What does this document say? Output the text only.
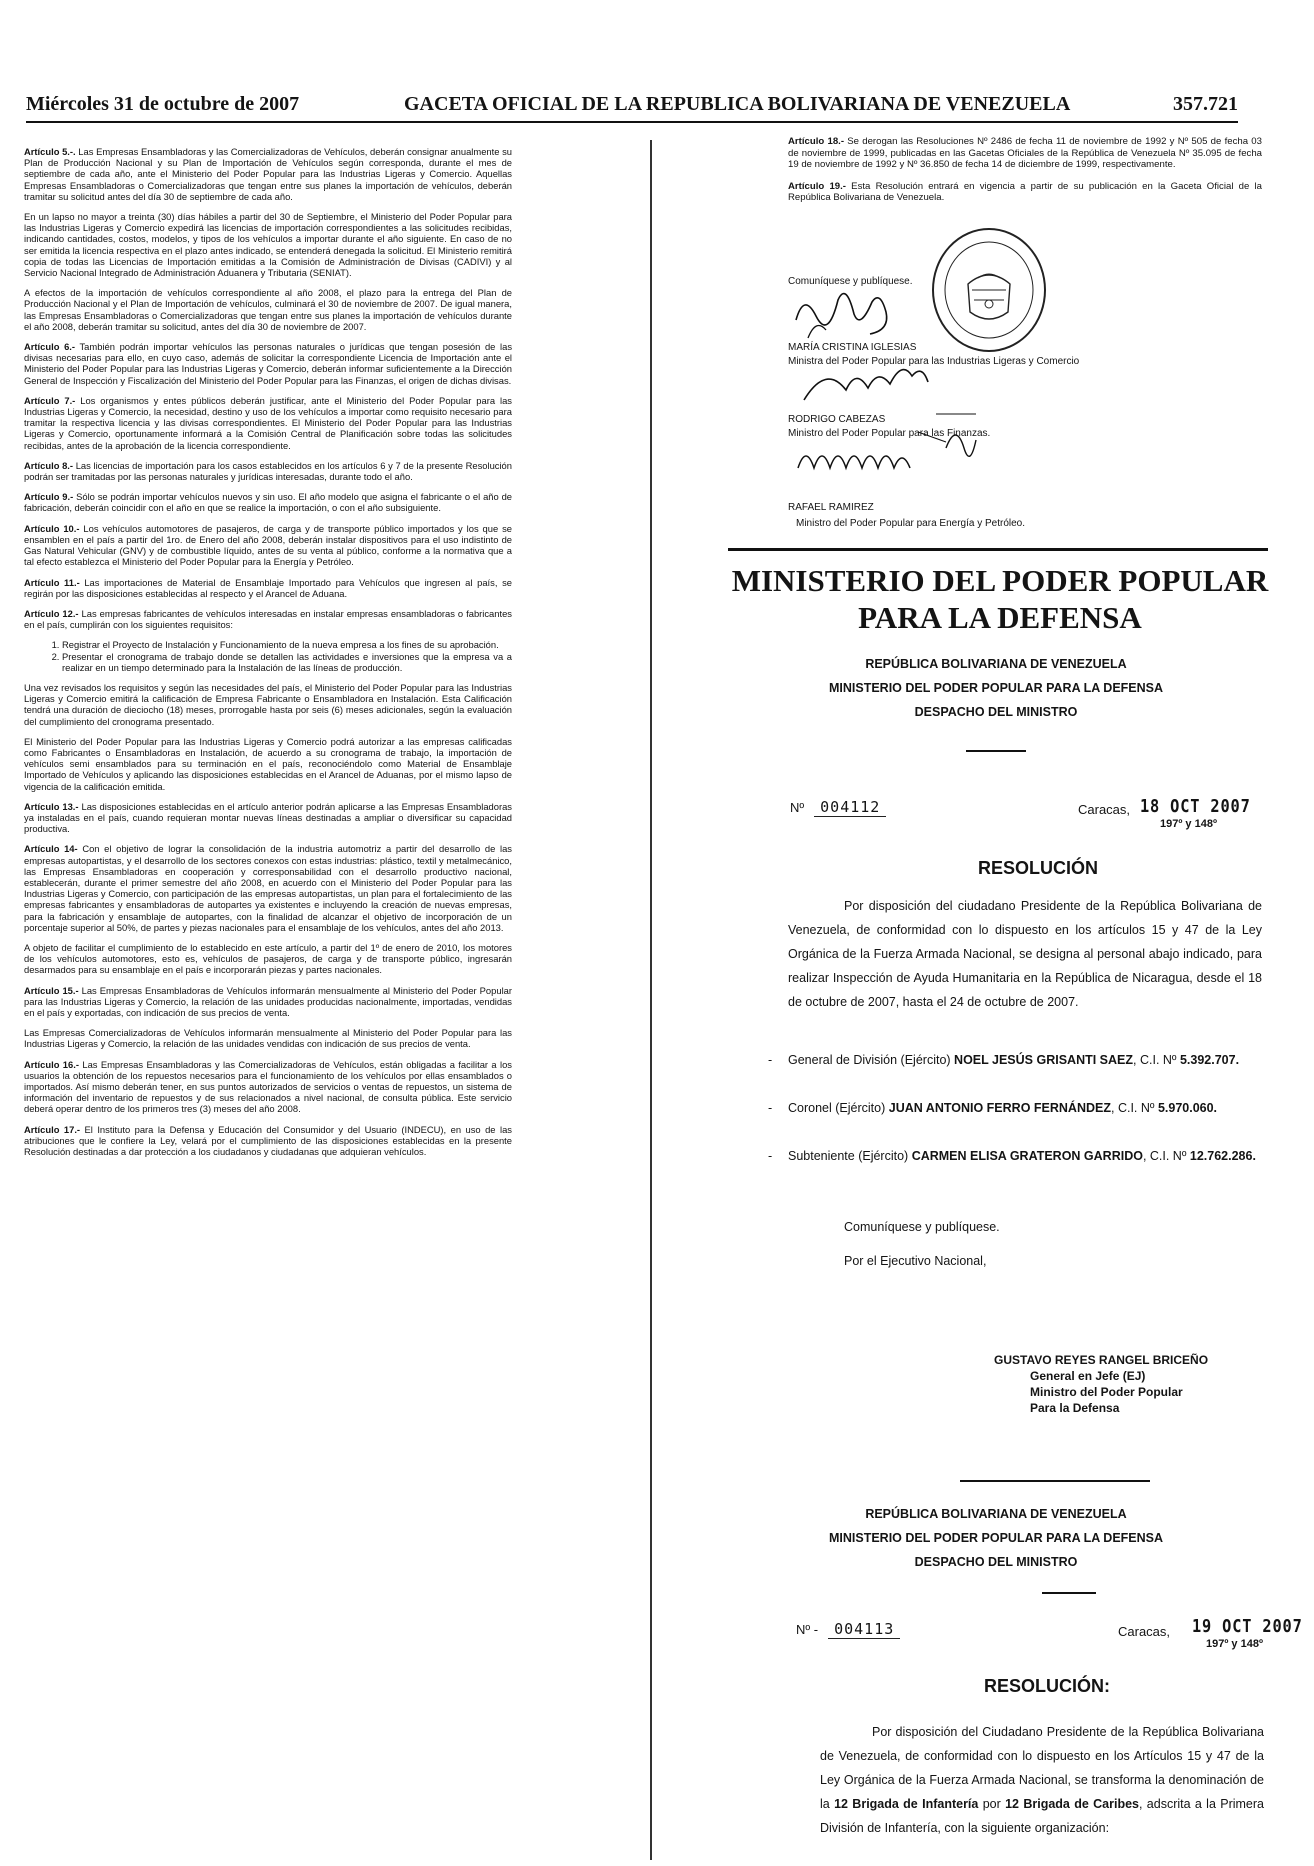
Miércoles 31 de octubre de 2007	GACETA OFICIAL DE LA REPUBLICA BOLIVARIANA DE VENEZUELA	357.721

Artículo 5.-. Las Empresas Ensambladoras y las Comercializadoras de Vehículos, deberán consignar anualmente su Plan de Producción Nacional y su Plan de Importación de Vehículos según corresponda, durante el mes de septiembre de cada año, ante el Ministerio del Poder Popular para las Industrias Ligeras y Comercio. Aquellas Empresas Ensambladoras o Comercializadoras que tengan entre sus planes la importación de vehículos, deberán tramitar su solicitud antes del día 30 de septiembre de cada año.

En un lapso no mayor a treinta (30) días hábiles a partir del 30 de Septiembre, el Ministerio del Poder Popular para las Industrias Ligeras y Comercio expedirá las licencias de importación correspondientes a las solicitudes recibidas, indicando cantidades, costos, modelos, y tipos de los vehículos a importar durante el año siguiente. En caso de no ser emitida la licencia respectiva en el plazo antes indicado, se entenderá denegada la solicitud. El Ministerio remitirá copia de todas las Licencias de Importación emitidas a la Comisión de Administración de Divisas (CADIVI) y al Servicio Nacional Integrado de Administración Aduanera y Tributaria (SENIAT).

A efectos de la importación de vehículos correspondiente al año 2008, el plazo para la entrega del Plan de Producción Nacional y el Plan de Importación de vehículos, culminará el 30 de noviembre de 2007. De igual manera, las Empresas Ensambladoras o Comercializadoras que tengan entre sus planes la importación de vehículos durante el año 2008, deberán tramitar su solicitud, antes del día 30 de noviembre de 2007.

Artículo 6.- También podrán importar vehículos las personas naturales o jurídicas que tengan posesión de las divisas necesarias para ello, en cuyo caso, además de solicitar la correspondiente Licencia de Importación ante el Ministerio del Poder Popular para las Industrias Ligeras y Comercio, deberán informar suficientemente a la Dirección General de Inspección y Fiscalización del Ministerio del Poder Popular para las Finanzas, el origen de dichas divisas.

Artículo 7.- Los organismos y entes públicos deberán justificar, ante el Ministerio del Poder Popular para las Industrias Ligeras y Comercio, la necesidad, destino y uso de los vehículos a importar como requisito necesario para tramitar la respectiva licencia y las divisas correspondientes. El Ministerio del Poder Popular para las Industrias Ligeras y Comercio, oportunamente informará a la Comisión Central de Planificación sobre todas las solicitudes recibidas, antes de la aprobación de la licencia correspondiente.

Artículo 8.- Las licencias de importación para los casos establecidos en los artículos 6 y 7 de la presente Resolución podrán ser tramitadas por las personas naturales y jurídicas interesadas, durante todo el año.

Artículo 9.- Sólo se podrán importar vehículos nuevos y sin uso. El año modelo que asigna el fabricante o el año de fabricación, deberán coincidir con el año en que se realice la importación, o con el año subsiguiente.

Artículo 10.- Los vehículos automotores de pasajeros, de carga y de transporte público importados y los que se ensamblen en el país a partir del 1ro. de Enero del año 2008, deberán instalar dispositivos para el uso indistinto de Gas Natural Vehicular (GNV) y de combustible líquido, antes de su venta al público, conforme a la normativa que a tal efecto establezca el Ministerio del Poder Popular para la Energía y Petróleo.

Artículo 11.- Las importaciones de Material de Ensamblaje Importado para Vehículos que ingresen al país, se regirán por las disposiciones establecidas al respecto y el Arancel de Aduana.

Artículo 12.- Las empresas fabricantes de vehículos interesadas en instalar empresas ensambladoras o fabricantes en el país, cumplirán con los siguientes requisitos:

1. Registrar el Proyecto de Instalación y Funcionamiento de la nueva empresa a los fines de su aprobación.
2. Presentar el cronograma de trabajo donde se detallen las actividades e inversiones que la empresa va a realizar en un tiempo determinado para la Instalación de las líneas de producción.

Una vez revisados los requisitos y según las necesidades del país, el Ministerio del Poder Popular para las Industrias Ligeras y Comercio emitirá la calificación de Empresa Fabricante o Ensambladora en Instalación. Esta Calificación tendrá una duración de dieciocho (18) meses, prorrogable hasta por seis (6) meses adicionales, según la evaluación del cumplimiento del cronograma presentado.

El Ministerio del Poder Popular para las Industrias Ligeras y Comercio podrá autorizar a las empresas calificadas como Fabricantes o Ensambladoras en Instalación, de acuerdo a su cronograma de trabajo, la importación de vehículos semi ensamblados para su terminación en el país, reconociéndolo como Material de Ensamblaje Importado de Vehículos y aplicando las disposiciones establecidas en el Arancel de Aduanas, por el mismo lapso de vigencia de la calificación emitida.

Artículo 13.- Las disposiciones establecidas en el artículo anterior podrán aplicarse a las Empresas Ensambladoras ya instaladas en el país, cuando requieran montar nuevas líneas destinadas a ampliar o diversificar su capacidad productiva.

Artículo 14- Con el objetivo de lograr la consolidación de la industria automotriz a partir del desarrollo de las empresas autopartistas, y el desarrollo de los sectores conexos con estas industrias: plástico, textil y metalmecánico, las Empresas Ensambladoras en cooperación y corresponsabilidad con el desarrollo productivo nacional, establecerán, durante el primer semestre del año 2008, en acuerdo con el Ministerio del Poder Popular para las Industrias Ligeras y Comercio, con participación de las empresas autopartistas, un plan para el fortalecimiento de las empresas fabricantes y ensambladoras de autopartes ya existentes e incluyendo la creación de nuevas empresas, para la fabricación y ensamblaje de autopartes, con la finalidad de alcanzar el objetivo de incorporación de un porcentaje superior al 50%, de partes y piezas nacionales para el ensamblaje de los vehículos, antes del año 2013.

A objeto de facilitar el cumplimiento de lo establecido en este artículo, a partir del 1º de enero de 2010, los motores de los vehículos automotores, esto es, vehículos de pasajeros, de carga y de transporte público, ingresarán desarmados para su ensamblaje en el país e incorporarán piezas y partes nacionales.

Artículo 15.- Las Empresas Ensambladoras de Vehículos informarán mensualmente al Ministerio del Poder Popular para las Industrias Ligeras y Comercio, la relación de las unidades producidas nacionalmente, importadas, vendidas en el país y exportadas, con indicación de sus precios de venta.

Las Empresas Comercializadoras de Vehículos informarán mensualmente al Ministerio del Poder Popular para las Industrias Ligeras y Comercio, la relación de las unidades vendidas con indicación de sus precios de venta.

Artículo 16.- Las Empresas Ensambladoras y las Comercializadoras de Vehículos, están obligadas a facilitar a los usuarios la obtención de los repuestos necesarios para el funcionamiento de los vehículos por ellas ensamblados o importados. Así mismo deberán tener, en sus puntos autorizados de servicios o ventas de repuestos, un sistema de información del inventario de repuestos y de sus relacionados a nivel nacional, de consulta pública. Este servicio deberá operar dentro de los primeros tres (3) meses del año 2008.

Artículo 17.- El Instituto para la Defensa y Educación del Consumidor y del Usuario (INDECU), en uso de las atribuciones que le confiere la Ley, velará por el cumplimiento de las disposiciones establecidas en la presente Resolución destinadas a dar protección a los ciudadanos y ciudadanas que adquieran vehículos.

Artículo 18.- Se derogan las Resoluciones Nº 2486 de fecha 11 de noviembre de 1992 y Nº 505 de fecha 03 de noviembre de 1999, publicadas en las Gacetas Oficiales de la República de Venezuela Nº 35.095 de fecha 19 de noviembre de 1992 y Nº 36.850 de fecha 14 de diciembre de 1999, respectivamente.

Artículo 19.- Esta Resolución entrará en vigencia a partir de su publicación en la Gaceta Oficial de la República Bolivariana de Venezuela.

Comuníquese y publíquese.
MARÍA CRISTINA IGLESIAS
Ministra del Poder Popular para las Industrias Ligeras y Comercio
RODRIGO CABEZAS
Ministro del Poder Popular para las Finanzas.
RAFAEL RAMIREZ
Ministro del Poder Popular para Energía y Petróleo.
MINISTERIO DEL PODER POPULAR PARA LA DEFENSA
REPÚBLICA BOLIVARIANA DE VENEZUELA
MINISTERIO DEL PODER POPULAR PARA LA DEFENSA
DESPACHO DEL MINISTRO
Nº 004112	Caracas, 18 OCT 2007
197º y 148º
RESOLUCIÓN
Por disposición del ciudadano Presidente de la República Bolivariana de Venezuela, de conformidad con lo dispuesto en los artículos 15 y 47 de la Ley Orgánica de la Fuerza Armada Nacional, se designa al personal abajo indicado, para realizar Inspección de Ayuda Humanitaria en la República de Nicaragua, desde el 18 de octubre de 2007, hasta el 24 de octubre de 2007.
- General de División (Ejército) NOEL JESÚS GRISANTI SAEZ, C.I. Nº 5.392.707.
- Coronel (Ejército) JUAN ANTONIO FERRO FERNÁNDEZ, C.I. Nº 5.970.060.
- Subteniente (Ejército) CARMEN ELISA GRATERON GARRIDO, C.I. Nº 12.762.286.
Comuníquese y publíquese.
Por el Ejecutivo Nacional,
GUSTAVO REYES RANGEL BRICEÑO
General en Jefe (EJ)
Ministro del Poder Popular
Para la Defensa
REPÚBLICA BOLIVARIANA DE VENEZUELA
MINISTERIO DEL PODER POPULAR PARA LA DEFENSA
DESPACHO DEL MINISTRO
Nº - 004113	Caracas, 19 OCT 2007
197º y 148º
RESOLUCIÓN:
Por disposición del Ciudadano Presidente de la República Bolivariana de Venezuela, de conformidad con lo dispuesto en los Artículos 15 y 47 de la Ley Orgánica de la Fuerza Armada Nacional, se transforma la denominación de la 12 Brigada de Infantería por 12 Brigada de Caribes, adscrita a la Primera División de Infantería, con la siguiente organización:
